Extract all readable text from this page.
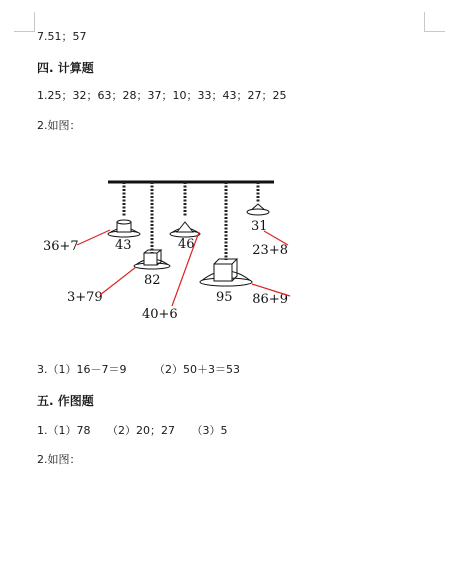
7.51；57
四. 计算题
1.25；32；63；28；37；10；33；43；27；25
2.如图：
43
82
46
95
31
36+7
3+79
40+6
86+9
23+8
3.（1）16－7＝9　　　（2）50＋3＝53
五. 作图题
1.（1）78　　（2）20；27　　（3）5
2.如图：
